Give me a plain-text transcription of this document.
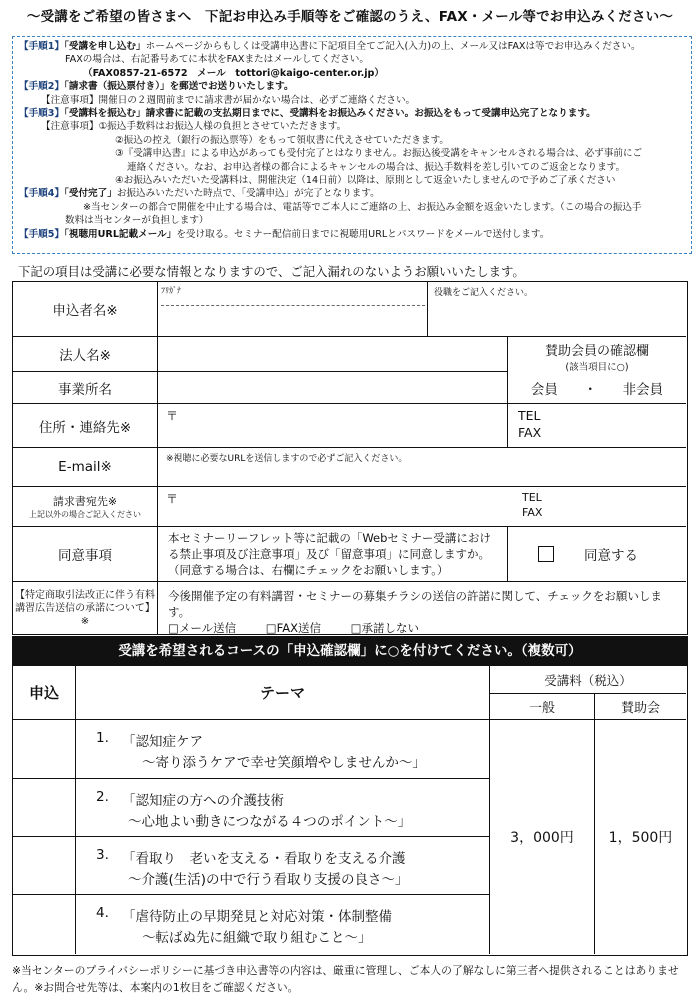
～受講をご希望の皆さまへ　下記お申込み手順等をご確認のうえ、FAX・メール等でお申込みください～
【手順1】「受講を申し込む」ホームページからもしくは受講申込書に下記項目全てご記入(入力)の上、メール又はFAXは等でお申込みください。
FAXの場合は、右記番号あてに本状をFAXまたはメールしてください。
（FAX0857-21-6572　メール　tottori@kaigo-center.or.jp）
【手順2】「請求書（振込票付き）」を郵送でお送りいたします。
【注意事項】開催日の２週間前までに請求書が届かない場合は、必ずご連絡ください。
【手順3】「受講料を振込む」請求書に記載の支払期日までに、受講料をお振込みください。お振込をもって受講申込完了となります。
【注意事項】①振込手数料はお振込人様の負担とさせていただきます。
②振込の控え（銀行の振込票等）をもって領収書に代えさせていただきます。
③『受講申込書』による申込があっても受付完了とはなりません。お振込後受講をキャンセルされる場合は、必ず事前にご
連絡ください。なお、お申込者様の都合によるキャンセルの場合は、振込手数料を差し引いてのご返金となります。
④お振込みいただいた受講料は、開催決定（14日前）以降は、原則として返金いたしませんので予めご了承ください
【手順4】「受付完了」お振込みいただいた時点で、「受講申込」が完了となります。
※当センターの都合で開催を中止する場合は、電話等でご本人にご連絡の上、お振込み金額を返金いたします。（この場合の振込手
数料は当センターが負担します）
【手順5】「視聴用URL記載メール」を受け取る。セミナー配信前日までに視聴用URLとパスワードをメールで送付します。
下記の項目は受講に必要な情報となりますので、ご記入漏れのないようお願いいたします。
申込者名※
ﾌﾘｶﾞﾅ	役職をご記入ください。
法人名※	賛助会員の確認欄
(該当項目に○)
事業所名	会員 ・ 非会員
住所・連絡先※
〒	TEL
FAX
E-mail※	※視聴に必要なURLを送信しますので必ずご記入ください。
請求書宛先※
上記以外の場合ご記入ください
〒	TEL
FAX
同意事項
本セミナーリーフレット等に記載の「Webセミナー受講における禁止事項及び注意事項」及び「留意事項」に同意しますか。（同意する場合は、右欄にチェックをお願いします。）
同意する
【特定商取引法改正に伴う有料講習広告送信の承諾について】※
今後開催予定の有料講習・セミナーの募集チラシの送信の許諾に関して、チェックをお願いします。
□メール送信	□FAX送信	□承諾しない
受講を希望されるコースの「申込確認欄」に○を付けてください。（複数可）
申込	テーマ
受講料（税込）
一般	賛助会
1. 「認知症ケア
～寄り添うケアで幸せ笑顔増やしませんか～」
2. 「認知症の方への介護技術
～心地よい動きにつながる４つのポイント～」
3. 「看取り　老いを支える・看取りを支える介護
～介護(生活)の中で行う看取り支援の良さ～」
4. 「虐待防止の早期発見と対応対策・体制整備
～転ばぬ先に組織で取り組むこと～」
3，000円	1，500円
※当センターのプライバシーポリシーに基づき申込書等の内容は、厳重に管理し、ご本人の了解なしに第三者へ提供されることはありません。※お問合せ先等は、本案内の1枚目をご確認ください。
